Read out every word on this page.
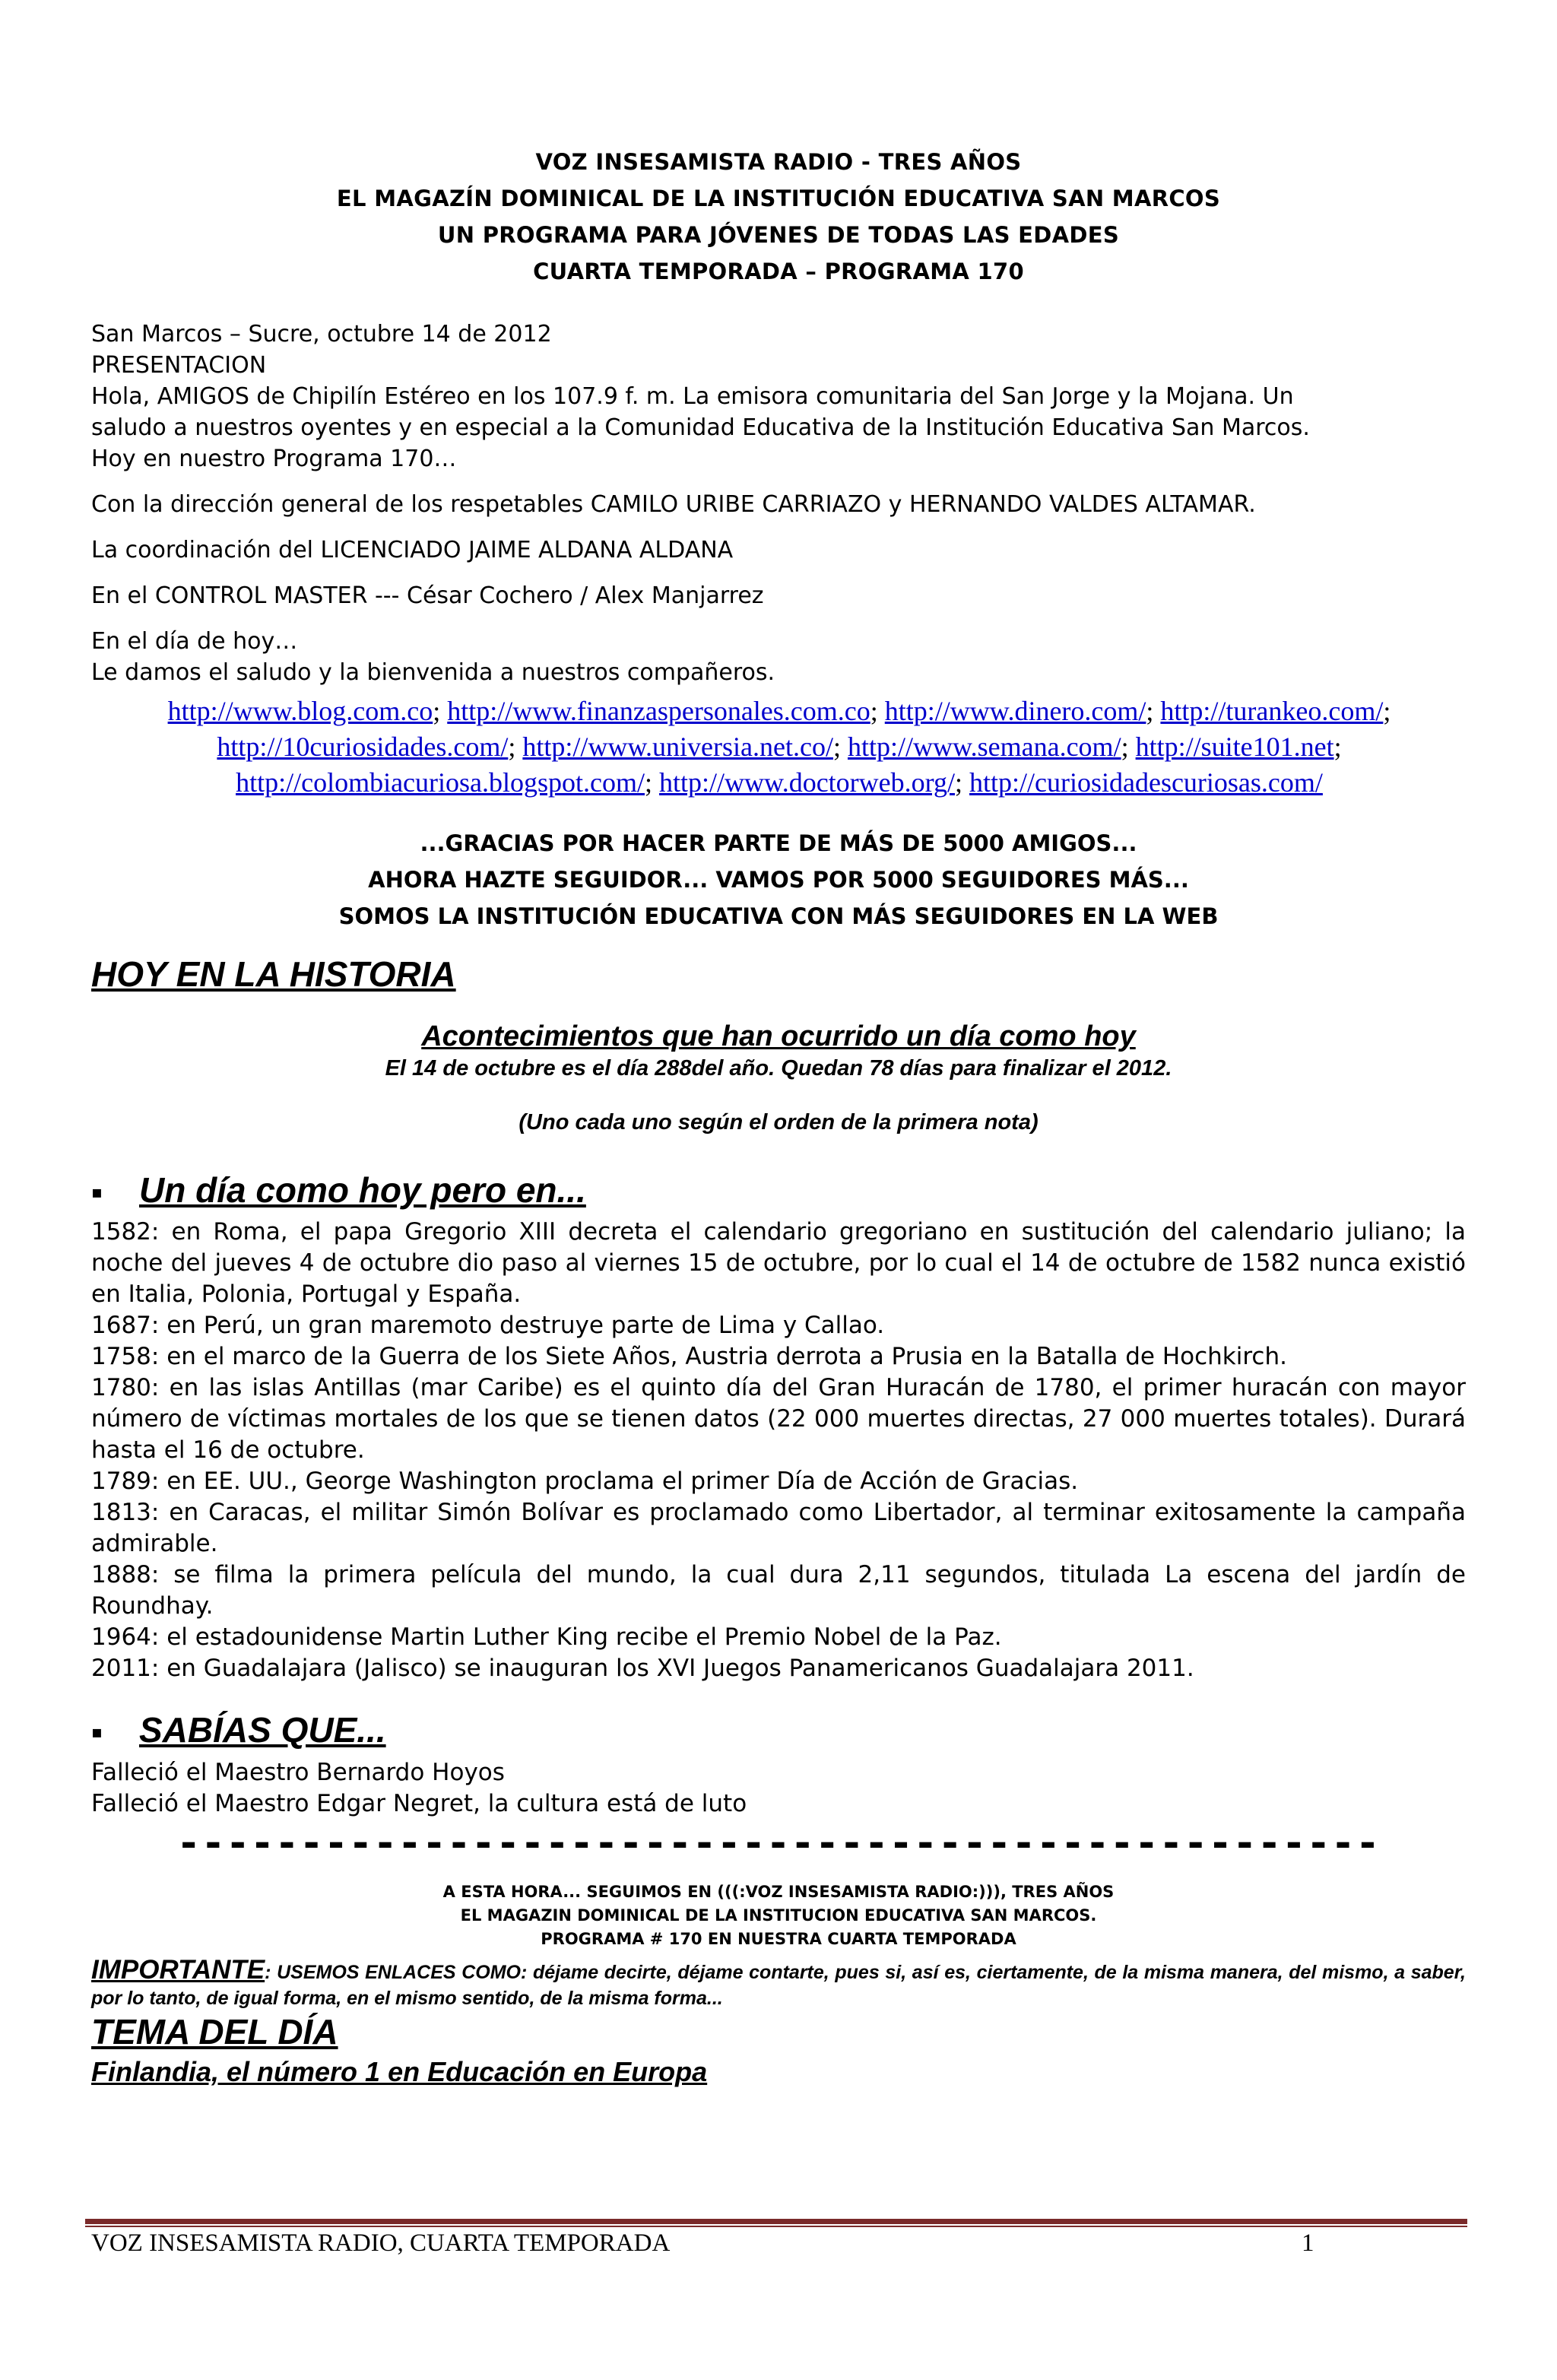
VOZ INSESAMISTA RADIO - TRES AÑOS
EL MAGAZÍN DOMINICAL DE LA INSTITUCIÓN EDUCATIVA SAN MARCOS
UN PROGRAMA PARA JÓVENES DE TODAS LAS EDADES
CUARTA TEMPORADA – PROGRAMA 170
San Marcos – Sucre, octubre 14 de 2012
PRESENTACION
Hola, AMIGOS de Chipilín Estéreo en los 107.9 f. m. La emisora comunitaria del San Jorge y la Mojana. Un
saludo a nuestros oyentes y en especial a la Comunidad Educativa de la Institución Educativa San Marcos.
Hoy en nuestro Programa 170…
Con la dirección general de los respetables CAMILO URIBE CARRIAZO y HERNANDO VALDES ALTAMAR.
La coordinación del LICENCIADO JAIME ALDANA ALDANA
En el CONTROL MASTER --- César Cochero / Alex Manjarrez
En el día de hoy…
Le damos el saludo y la bienvenida a nuestros compañeros.
http://www.blog.com.co; http://www.finanzaspersonales.com.co; http://www.dinero.com/; http://turankeo.com/;
http://10curiosidades.com/; http://www.universia.net.co/; http://www.semana.com/; http://suite101.net;
http://colombiacuriosa.blogspot.com/; http://www.doctorweb.org/; http://curiosidadescuriosas.com/
...GRACIAS POR HACER PARTE DE MÁS DE 5000 AMIGOS...
AHORA HAZTE SEGUIDOR... VAMOS POR 5000 SEGUIDORES MÁS...
SOMOS LA INSTITUCIÓN EDUCATIVA CON MÁS SEGUIDORES EN LA WEB
HOY EN LA HISTORIA
Acontecimientos que han ocurrido un día como hoy
El 14 de octubre es el día 288del año. Quedan 78 días para finalizar el 2012.
(Uno cada uno según el orden de la primera nota)
▪ Un día como hoy pero en...

1582: en Roma, el papa Gregorio XIII decreta el calendario gregoriano en sustitución del calendario juliano; la noche del jueves 4 de octubre dio paso al viernes 15 de octubre, por lo cual el 14 de octubre de 1582 nunca existió en Italia, Polonia, Portugal y España.

1687: en Perú, un gran maremoto destruye parte de Lima y Callao.

1758: en el marco de la Guerra de los Siete Años, Austria derrota a Prusia en la Batalla de Hochkirch.

1780: en las islas Antillas (mar Caribe) es el quinto día del Gran Huracán de 1780, el primer huracán con mayor número de víctimas mortales de los que se tienen datos (22 000 muertes directas, 27 000 muertes totales). Durará hasta el 16 de octubre.

1789: en EE. UU., George Washington proclama el primer Día de Acción de Gracias.

1813: en Caracas, el militar Simón Bolívar es proclamado como Libertador, al terminar exitosamente la campaña admirable.

1888: se filma la primera película del mundo, la cual dura 2,11 segundos, titulada La escena del jardín de Roundhay.

1964: el estadounidense Martin Luther King recibe el Premio Nobel de la Paz.

2011: en Guadalajara (Jalisco) se inauguran los XVI Juegos Panamericanos Guadalajara 2011.

▪ SABÍAS QUE...

Falleció el Maestro Bernardo Hoyos

Falleció el Maestro Edgar Negret, la cultura está de luto

-------------------------------------------------
A ESTA HORA... SEGUIMOS EN (((:VOZ INSESAMISTA RADIO:))), TRES AÑOS
EL MAGAZIN DOMINICAL DE LA INSTITUCION EDUCATIVA SAN MARCOS.
PROGRAMA # 170 EN NUESTRA CUARTA TEMPORADA
IMPORTANTE: USEMOS ENLACES COMO: déjame decirte, déjame contarte, pues si, así es, ciertamente, de la misma manera, del mismo, a saber, por lo tanto, de igual forma, en el mismo sentido, de la misma forma...
TEMA DEL DÍA
Finlandia, el número 1 en Educación en Europa
VOZ INSESAMISTA RADIO, CUARTA TEMPORADA	1
